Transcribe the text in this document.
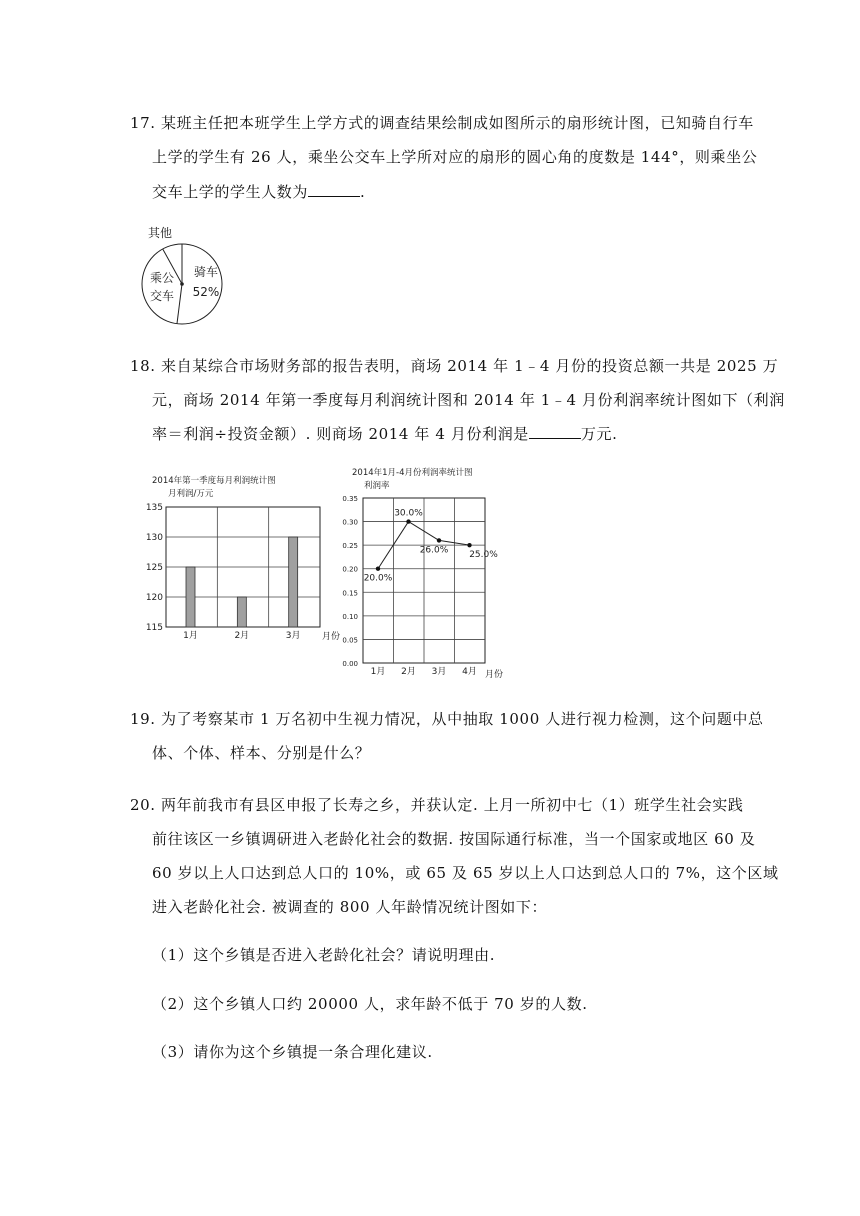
17. 某班主任把本班学生上学方式的调查结果绘制成如图所示的扇形统计图，已知骑自行车
上学的学生有 26 人，乘坐公交车上学所对应的扇形的圆心角的度数是 144°，则乘坐公
交车上学的学生人数为	.
骑车
52%
乘公
交车
其他
18. 来自某综合市场财务部的报告表明，商场 2014 年 1﹣4 月份的投资总额一共是 2025 万
元，商场 2014 年第一季度每月利润统计图和 2014 年 1﹣4 月份利润率统计图如下（利润
率＝利润÷投资金额）. 则商场 2014 年 4 月份利润是	万元.
2014年第一季度每月利润统计图
月利润/万元
115
120
125
130
135
1月	2月	3月 月份
2014年1月-4月份利润率统计图
利润率
0.00
0.05
0.10
0.15
0.20
0.25
0.30
0.35
20.0%
1月
30.0%
2月
26.0%
3月
25.0%
4月 月份
19. 为了考察某市 1 万名初中生视力情况，从中抽取 1000 人进行视力检测，这个问题中总
体、个体、样本、分别是什么？
20. 两年前我市有县区申报了长寿之乡，并获认定. 上月一所初中七（1）班学生社会实践
前往该区一乡镇调研进入老龄化社会的数据. 按国际通行标准，当一个国家或地区 60 及
60 岁以上人口达到总人口的 10%，或 65 及 65 岁以上人口达到总人口的 7%，这个区域
进入老龄化社会. 被调查的 800 人年龄情况统计图如下：
（1）这个乡镇是否进入老龄化社会？请说明理由.
（2）这个乡镇人口约 20000 人，求年龄不低于 70 岁的人数.
（3）请你为这个乡镇提一条合理化建议.
